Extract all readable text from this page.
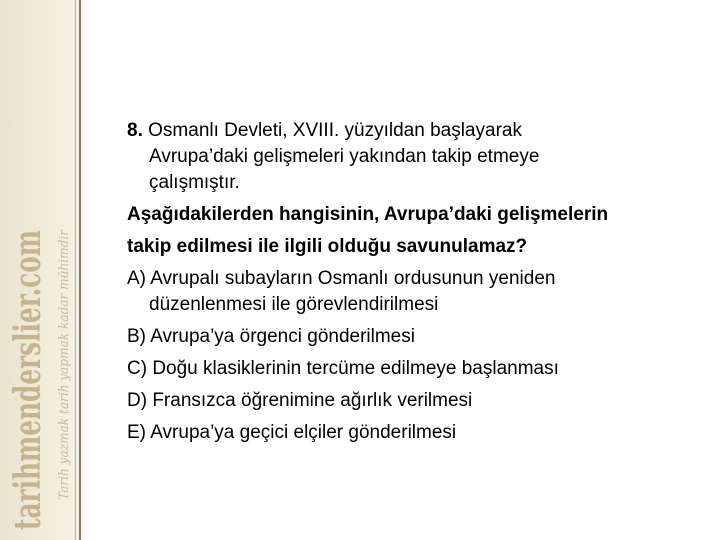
tarihmenderslier.com Tarih yazmak tarih yapmak kadar mühimdir

8. Osmanlı Devleti, XVIII. yüzyıldan başlayarak

Avrupa’daki gelişmeleri yakından takip etmeye

çalışmıştır.

Aşağıdakilerden hangisinin, Avrupa’daki gelişmelerin

takip edilmesi ile ilgili olduğu savunulamaz?

A) Avrupalı subayların Osmanlı ordusunun yeniden

düzenlenmesi ile görevlendirilmesi

B) Avrupa’ya örgenci gönderilmesi

C) Doğu klasiklerinin tercüme edilmeye başlanması

D) Fransızca öğrenimine ağırlık verilmesi

E) Avrupa’ya geçici elçiler gönderilmesi
